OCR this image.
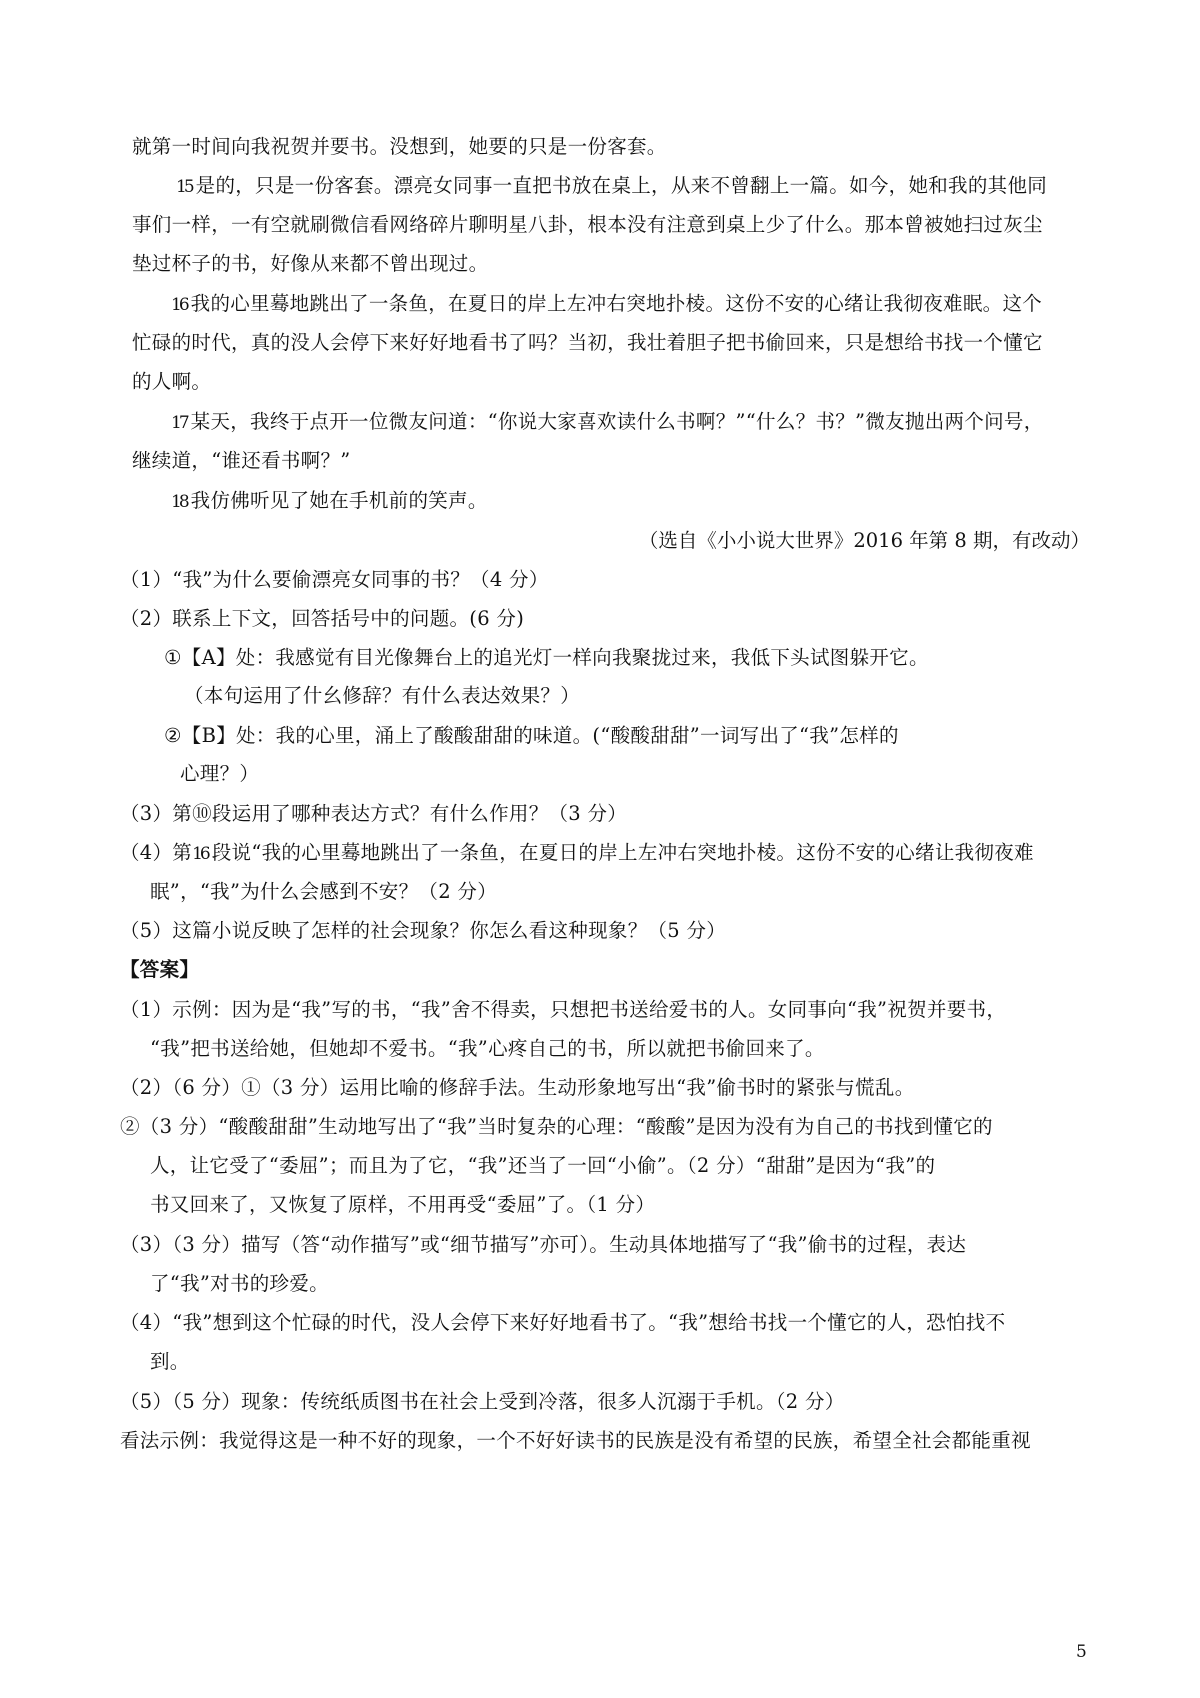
就第一时间向我祝贺并要书。没想到，她要的只是一份客套。
15 是的，只是一份客套。漂亮女同事一直把书放在桌上，从来不曾翻上一篇。如今，她和我的其他同
事们一样，一有空就刷微信看网络碎片聊明星八卦，根本没有注意到桌上少了什么。那本曾被她扫过灰尘
垫过杯子的书，好像从来都不曾出现过。
16 我的心里蓦地跳出了一条鱼，在夏日的岸上左冲右突地扑棱。这份不安的心绪让我彻夜难眠。这个
忙碌的时代，真的没人会停下来好好地看书了吗？当初，我壮着胆子把书偷回来，只是想给书找一个懂它
的人啊。
17 某天，我终于点开一位微友问道：“你说大家喜欢读什么书啊？”“什么？书？”微友抛出两个问号，
继续道，“谁还看书啊？”
18 我仿佛听见了她在手机前的笑声。
（选自《小小说大世界》2016 年第 8 期，有改动）
（1）“我”为什么要偷漂亮女同事的书？（4 分）
（2）联系上下文，回答括号中的问题。(6 分)
①【A】处：我感觉有目光像舞台上的追光灯一样向我聚拢过来，我低下头试图躲开它。
（本句运用了什幺修辞？有什么表达效果？）
②【B】处：我的心里，涌上了酸酸甜甜的味道。(“酸酸甜甜”一词写出了“我”怎样的
心理？）
（3）第⑩段运用了哪种表达方式？有什么作用？（3 分）
（4）第16 段说“我的心里蓦地跳出了一条鱼，在夏日的岸上左冲右突地扑棱。这份不安的心绪让我彻夜难
眠”，“我”为什么会感到不安？（2 分）
（5）这篇小说反映了怎样的社会现象？你怎么看这种现象？（5 分）
【答案】
（1）示例：因为是“我”写的书，“我”舍不得卖，只想把书送给爱书的人。女同事向“我”祝贺并要书，
“我”把书送给她，但她却不爱书。“我”心疼自己的书，所以就把书偷回来了。
（2）（6 分）①（3 分）运用比喻的修辞手法。生动形象地写出“我”偷书时的紧张与慌乱。
②（3 分）“酸酸甜甜”生动地写出了“我”当时复杂的心理：“酸酸”是因为没有为自己的书找到懂它的
人，让它受了“委屈”；而且为了它，“我”还当了一回“小偷”。（2 分）“甜甜”是因为“我”的
书又回来了，又恢复了原样，不用再受“委屈”了。（1 分）
（3）（3 分）描写（答“动作描写”或“细节描写”亦可）。生动具体地描写了“我”偷书的过程，表达
了“我”对书的珍爱。
（4）“我”想到这个忙碌的时代，没人会停下来好好地看书了。“我”想给书找一个懂它的人，恐怕找不
到。
（5）（5 分）现象：传统纸质图书在社会上受到冷落，很多人沉溺于手机。（2 分）
看法示例：我觉得这是一种不好的现象，一个不好好读书的民族是没有希望的民族，希望全社会都能重视
5
